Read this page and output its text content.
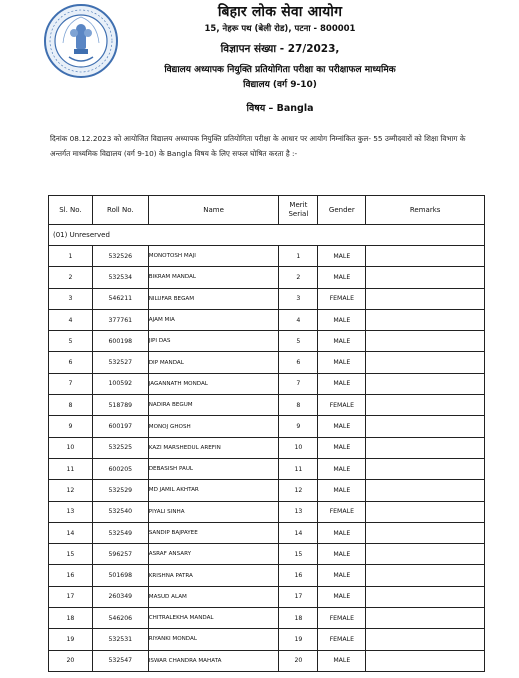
बिहार लोक सेवा आयोग
15, नेहरू पथ (बेली रोड), पटना - 800001
विज्ञापन संख्या - 27/2023,
विद्यालय अध्यापक नियुक्ति प्रतियोगिता परीक्षा का परीक्षाफल माध्यमिक
विद्यालय (वर्ग 9-10)
विषय – Bangla
दिनांक 08.12.2023 को आयोजित विद्यालय अध्यापक नियुक्ति प्रतियोगिता परीक्षा के आधार पर आयोग निम्नांकित कुल- 55 उम्मीदवारों को शिक्षा विभाग के अन्तर्गत माध्यमिक विद्यालय (वर्ग 9-10) के Bangla विषय के लिए सफल घोषित करता है :-
Sl. No.	Roll No.	Name	Merit
Serial	Gender	Remarks
(01) Unreserved					
1	532526	MONOTOSH MAJI	1	MALE	
2	532534	BIKRAM MANDAL	2	MALE	
3	546211	NILUFAR BEGAM	3	FEMALE	
4	377761	AJAM MIA	4	MALE	
5	600198	JIPI DAS	5	MALE	
6	532527	DIP MANDAL	6	MALE	
7	100592	JAGANNATH MONDAL	7	MALE	
8	518789	NADIRA BEGUM	8	FEMALE	
9	600197	MONOJ GHOSH	9	MALE	
10	532525	KAZI MARSHEDUL AREFIN	10	MALE	
11	600205	DEBASISH PAUL	11	MALE	
12	532529	MD JAMIL AKHTAR	12	MALE	
13	532540	PIYALI SINHA	13	FEMALE	
14	532549	SANDIP BAJPAYEE	14	MALE	
15	596257	ASRAF ANSARY	15	MALE	
16	501698	KRISHNA PATRA	16	MALE	
17	260349	MASUD ALAM	17	MALE	
18	546206	CHITRALEKHA MANDAL	18	FEMALE	
19	532531	RIYANKI MONDAL	19	FEMALE	
20	532547	ISWAR CHANDRA MAHATA	20	MALE	
